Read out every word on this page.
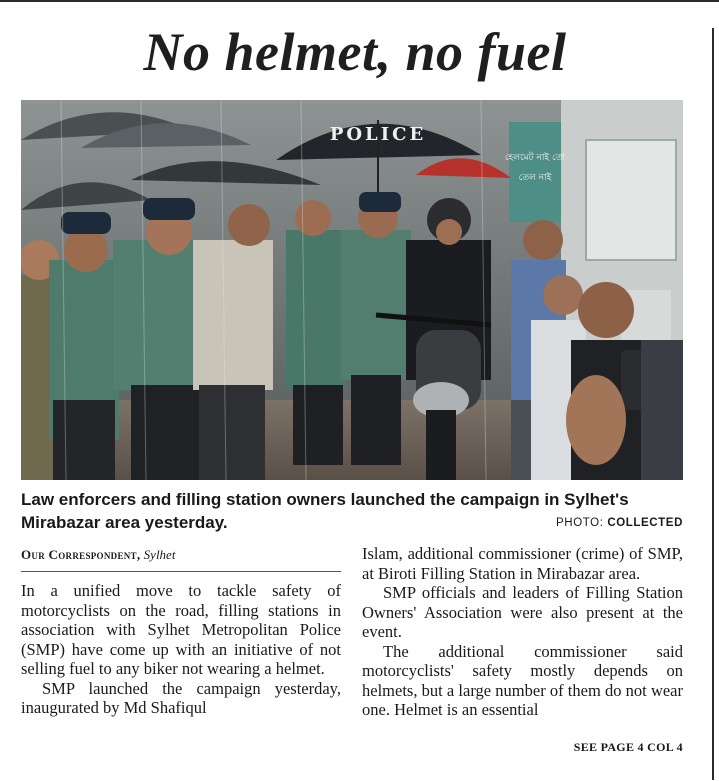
No helmet, no fuel
হেলমেট নাই তো
তেল নাই
POLICE
Law enforcers and filling station owners launched the campaign in Sylhet's Mirabazar area yesterday.	PHOTO: COLLECTED
Our Correspondent, Sylhet

In a unified move to tackle safety of motorcyclists on the road, filling stations in association with Sylhet Metropolitan Police (SMP) have come up with an initiative of not selling fuel to any biker not wearing a helmet.

SMP launched the campaign yesterday, inaugurated by Md Shafiqul

Islam, additional commissioner (crime) of SMP, at Biroti Filling Station in Mirabazar area.

SMP officials and leaders of Filling Station Owners' Association were also present at the event.

The additional commissioner said motorcyclists' safety mostly depends on helmets, but a large number of them do not wear one. Helmet is an essential

SEE PAGE 4 COL 4
